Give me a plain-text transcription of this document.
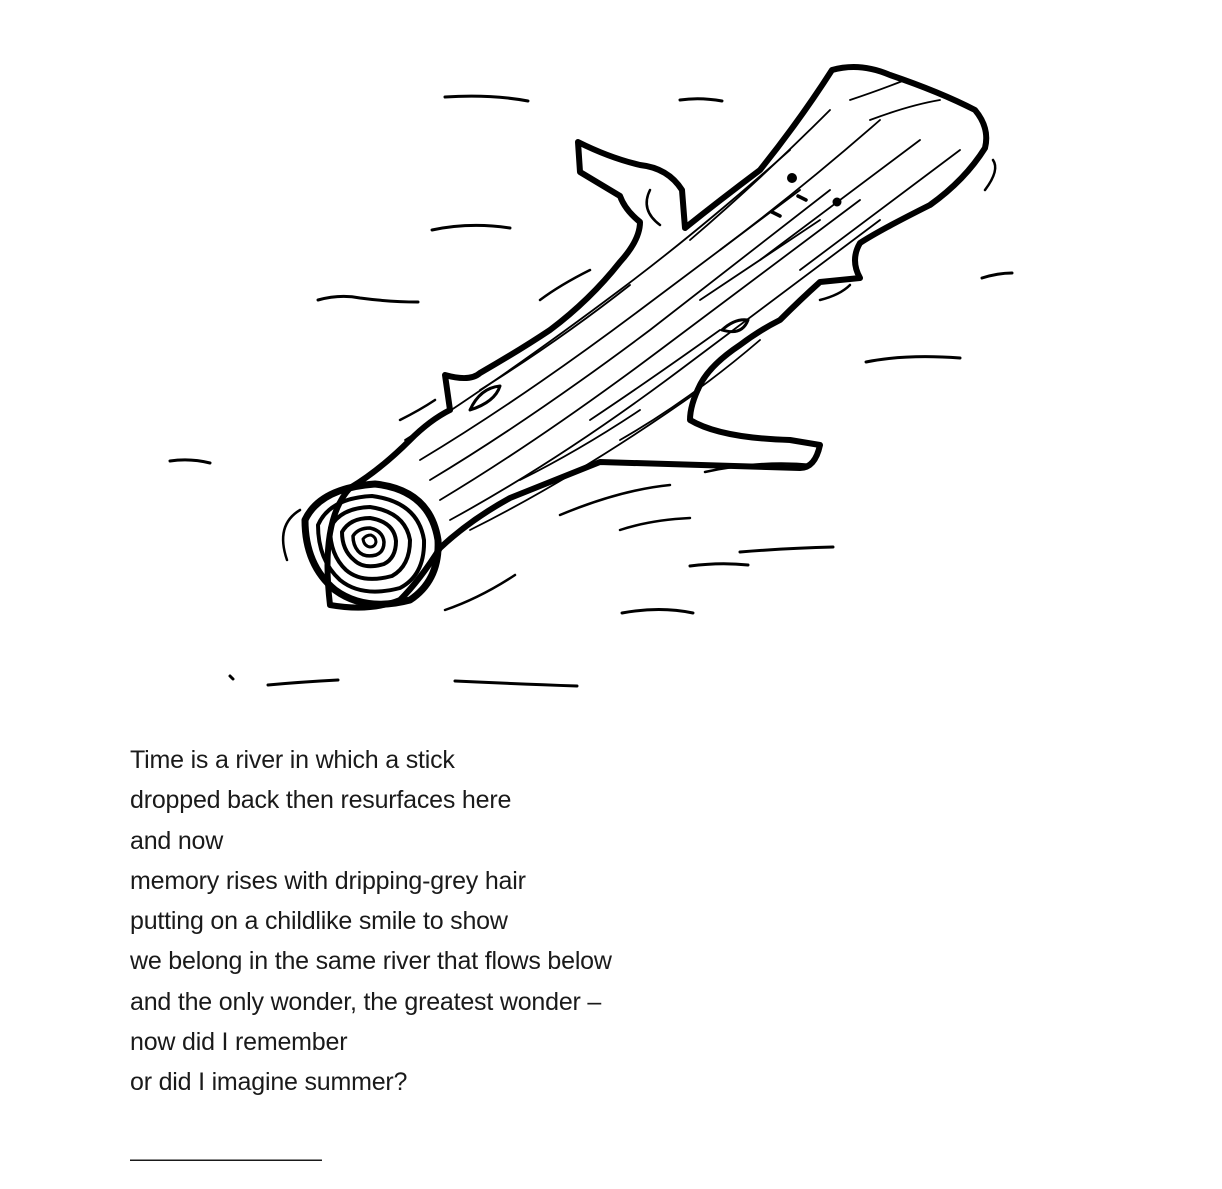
Time is a river in which a stick
dropped back then resurfaces here
and now
memory rises with dripping-grey hair
putting on a childlike smile to show
we belong in the same river that flows below
and the only wonder, the greatest wonder –
now did I remember
or did I imagine summer?
–––––––––––––––––
